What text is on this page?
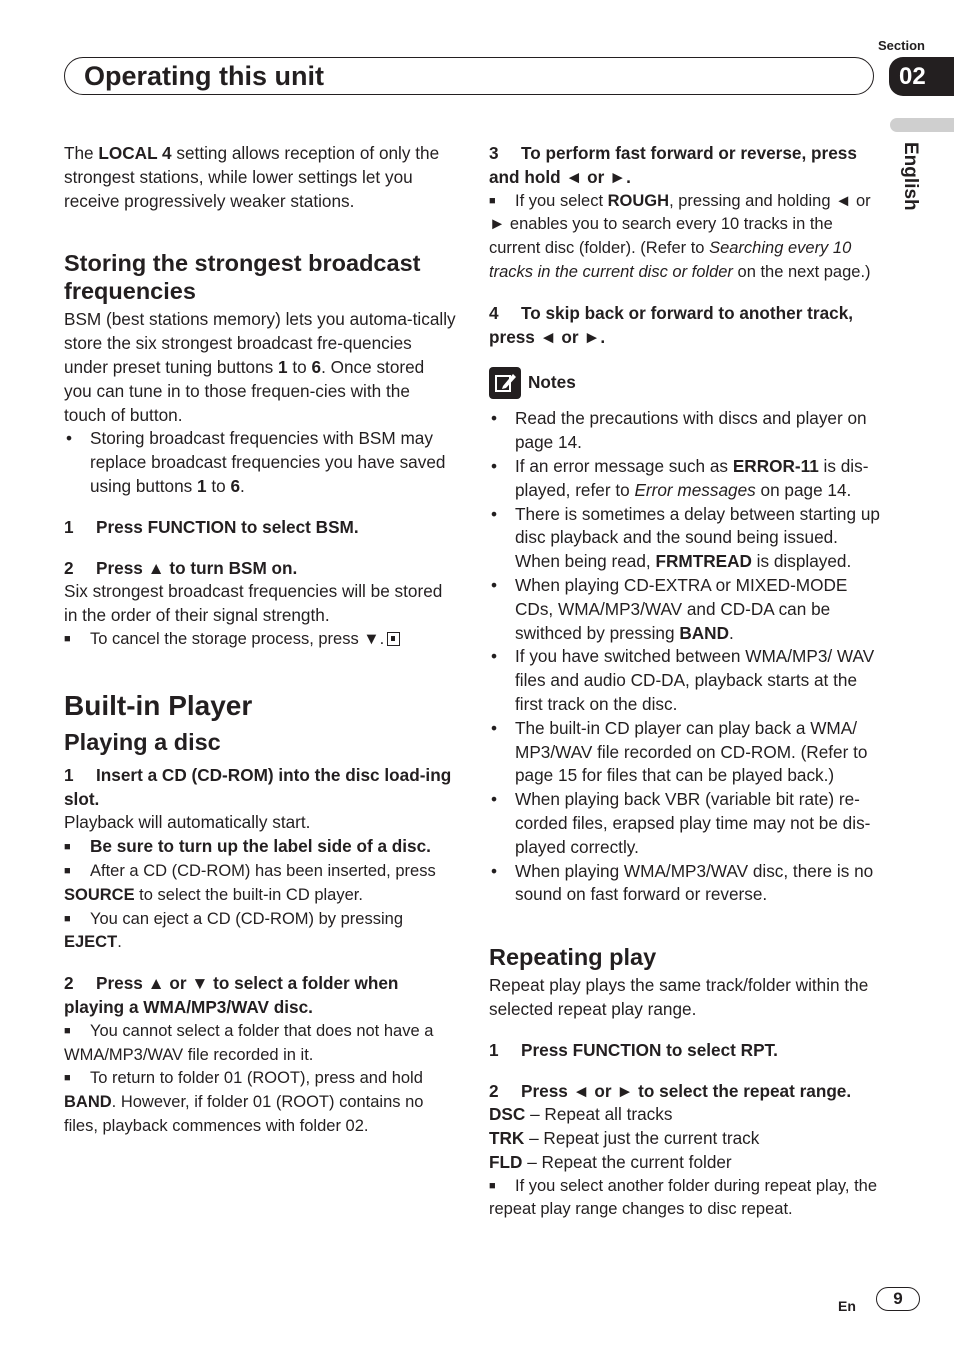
Section
Operating this unit	02
English

The LOCAL 4 setting allows reception of only the strongest stations, while lower settings let you receive progressively weaker stations.

Storing the strongest broadcast frequencies

BSM (best stations memory) lets you automa-tically store the six strongest broadcast fre-quencies under preset tuning buttons 1 to 6. Once stored you can tune in to those frequen-cies with the touch of button.

• Storing broadcast frequencies with BSM may replace broadcast frequencies you have saved using buttons 1 to 6.

1 Press FUNCTION to select BSM.

2 Press ▲ to turn BSM on.

Six strongest broadcast frequencies will be stored in the order of their signal strength.

■ To cancel the storage process, press ▼.

Built-in Player
Playing a disc

1 Insert a CD (CD-ROM) into the disc load-ing slot.

Playback will automatically start.

■ Be sure to turn up the label side of a disc.

■ After a CD (CD-ROM) has been inserted, press SOURCE to select the built-in CD player.

■ You can eject a CD (CD-ROM) by pressing EJECT.

2 Press ▲ or ▼ to select a folder when playing a WMA/MP3/WAV disc.

■ You cannot select a folder that does not have a WMA/MP3/WAV file recorded in it.

■ To return to folder 01 (ROOT), press and hold BAND. However, if folder 01 (ROOT) contains no files, playback commences with folder 02.

3 To perform fast forward or reverse, press and hold ◄ or ►.

■ If you select ROUGH, pressing and holding ◄ or ► enables you to search every 10 tracks in the current disc (folder). (Refer to Searching every 10 tracks in the current disc or folder on the next page.)

4 To skip back or forward to another track, press ◄ or ►.

Notes

• Read the precautions with discs and player on page 14.

• If an error message such as ERROR-11 is dis-played, refer to Error messages on page 14.

• There is sometimes a delay between starting up disc playback and the sound being issued. When being read, FRMTREAD is displayed.

• When playing CD-EXTRA or MIXED-MODE CDs, WMA/MP3/WAV and CD-DA can be swithced by pressing BAND.

• If you have switched between WMA/MP3/ WAV files and audio CD-DA, playback starts at the first track on the disc.

• The built-in CD player can play back a WMA/ MP3/WAV file recorded on CD-ROM. (Refer to page 15 for files that can be played back.)

• When playing back VBR (variable bit rate) re-corded files, erapsed play time may not be dis-played correctly.

• When playing WMA/MP3/WAV disc, there is no sound on fast forward or reverse.

Repeating play

Repeat play plays the same track/folder within the selected repeat play range.

1 Press FUNCTION to select RPT.

2 Press ◄ or ► to select the repeat range.

DSC – Repeat all tracks

TRK – Repeat just the current track

FLD – Repeat the current folder

■ If you select another folder during repeat play, the repeat play range changes to disc repeat.

En	9
